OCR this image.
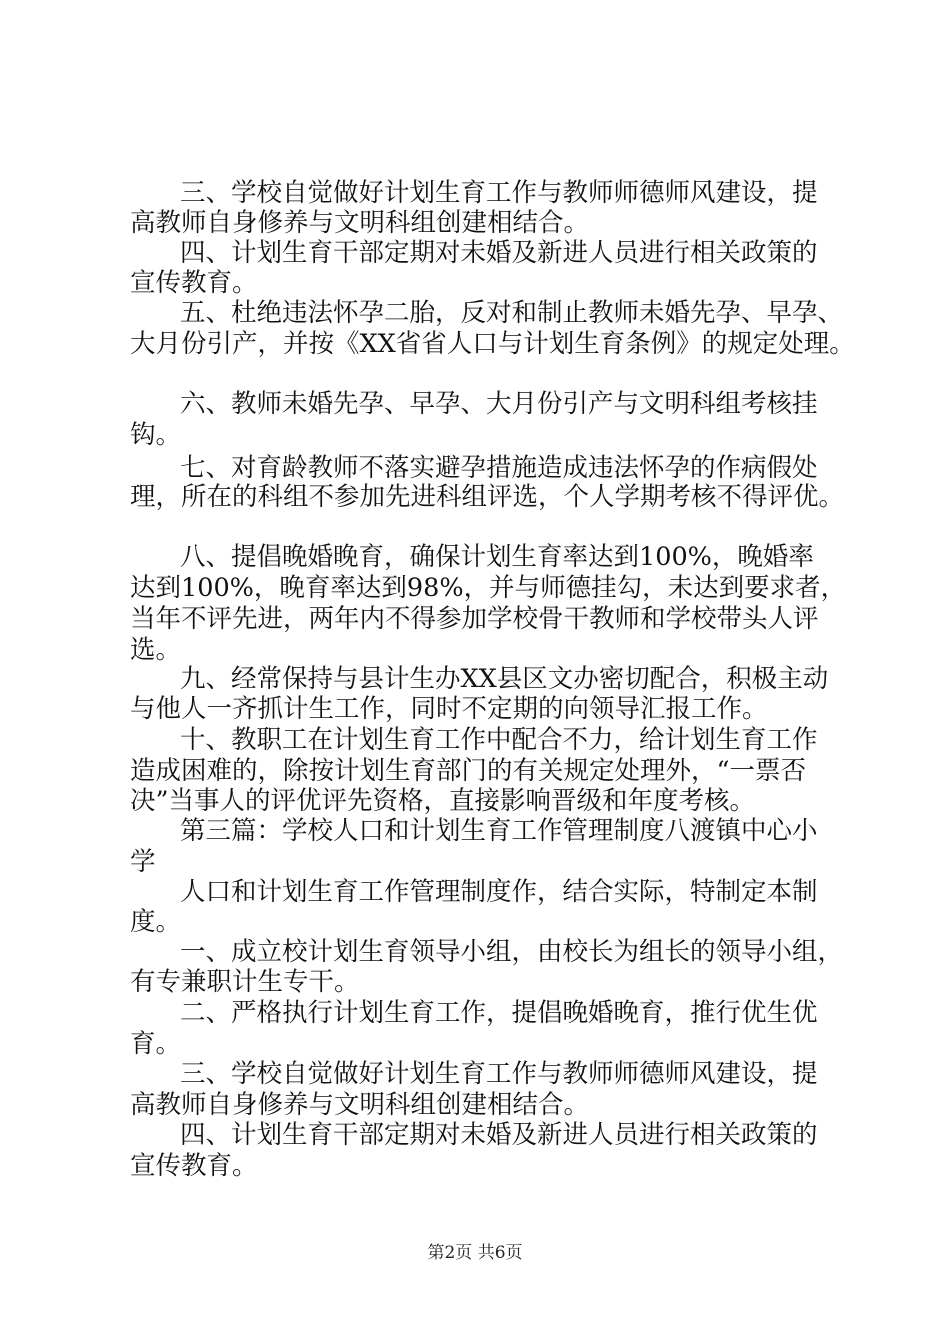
三、学校自觉做好计划生育工作与教师师德师风建设，提
高教师自身修养与文明科组创建相结合。
四、计划生育干部定期对未婚及新进人员进行相关政策的
宣传教育。
五、杜绝违法怀孕二胎，反对和制止教师未婚先孕、早孕、
大月份引产，并按《XX省省人口与计划生育条例》的规定处理。
六、教师未婚先孕、早孕、大月份引产与文明科组考核挂
钩。
七、对育龄教师不落实避孕措施造成违法怀孕的作病假处
理，所在的科组不参加先进科组评选，个人学期考核不得评优。
八、提倡晚婚晚育，确保计划生育率达到100%，晚婚率
达到100%，晚育率达到98%，并与师德挂勾，未达到要求者，
当年不评先进，两年内不得参加学校骨干教师和学校带头人评
选。
九、经常保持与县计生办XX县区文办密切配合，积极主动
与他人一齐抓计生工作，同时不定期的向领导汇报工作。
十、教职工在计划生育工作中配合不力，给计划生育工作
造成困难的，除按计划生育部门的有关规定处理外，“一票否
决”当事人的评优评先资格，直接影响晋级和年度考核。
第三篇：学校人口和计划生育工作管理制度八渡镇中心小
学
人口和计划生育工作管理制度作，结合实际，特制定本制
度。
一、成立校计划生育领导小组，由校长为组长的领导小组，
有专兼职计生专干。
二、严格执行计划生育工作，提倡晚婚晚育，推行优生优
育。
三、学校自觉做好计划生育工作与教师师德师风建设，提
高教师自身修养与文明科组创建相结合。
四、计划生育干部定期对未婚及新进人员进行相关政策的
宣传教育。
第2页 共6页
